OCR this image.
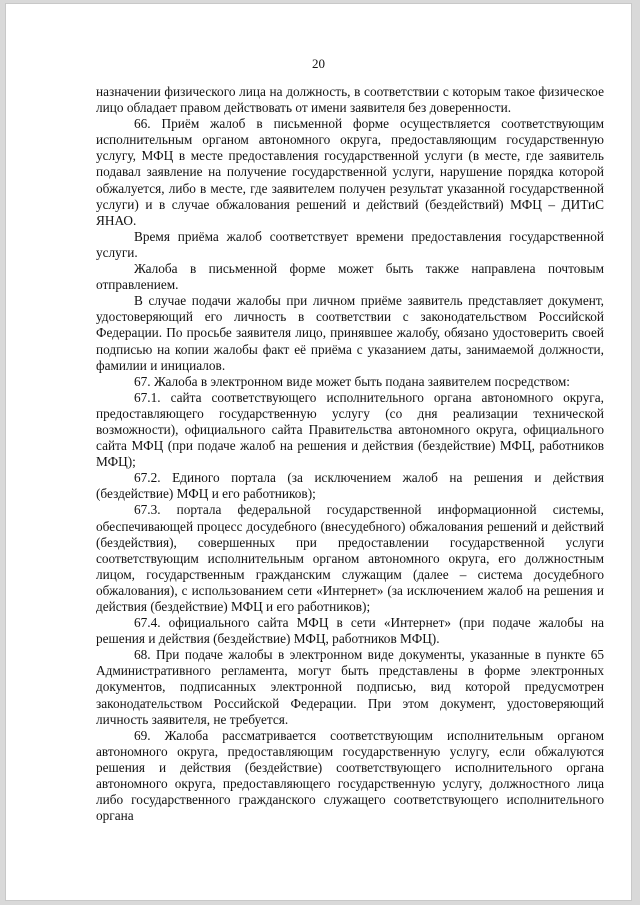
20

назначении физического лица на должность, в соответствии с которым такое физическое лицо обладает правом действовать от имени заявителя без доверенности.

66. Приём жалоб в письменной форме осуществляется соответствующим исполнительным органом автономного округа, предоставляющим государственную услугу, МФЦ в месте предоставления государственной услуги (в месте, где заявитель подавал заявление на получение государственной услуги, нарушение порядка которой обжалуется, либо в месте, где заявителем получен результат указанной государственной услуги) и в случае обжалования решений и действий (бездействий) МФЦ – ДИТиС ЯНАО.

Время приёма жалоб соответствует времени предоставления государственной услуги.

Жалоба в письменной форме может быть также направлена почтовым отправлением.

В случае подачи жалобы при личном приёме заявитель представляет документ, удостоверяющий его личность в соответствии с законодательством Российской Федерации. По просьбе заявителя лицо, принявшее жалобу, обязано удостоверить своей подписью на копии жалобы факт её приёма с указанием даты, занимаемой должности, фамилии и инициалов.

67. Жалоба в электронном виде может быть подана заявителем посредством:

67.1. сайта соответствующего исполнительного органа автономного округа, предоставляющего государственную услугу (со дня реализации технической возможности), официального сайта Правительства автономного округа, официального сайта МФЦ (при подаче жалоб на решения и действия (бездействие) МФЦ, работников МФЦ);

67.2. Единого портала (за исключением жалоб на решения и действия (бездействие) МФЦ и его работников);

67.3. портала федеральной государственной информационной системы, обеспечивающей процесс досудебного (внесудебного) обжалования решений и действий (бездействия), совершенных при предоставлении государственной услуги соответствующим исполнительным органом автономного округа, его должностным лицом, государственным гражданским служащим (далее – система досудебного обжалования), с использованием сети «Интернет» (за исключением жалоб на решения и действия (бездействие) МФЦ и его работников);

67.4. официального сайта МФЦ в сети «Интернет» (при подаче жалобы на решения и действия (бездействие) МФЦ, работников МФЦ).

68. При подаче жалобы в электронном виде документы, указанные в пункте 65 Административного регламента, могут быть представлены в форме электронных документов, подписанных электронной подписью, вид которой предусмотрен законодательством Российской Федерации. При этом документ, удостоверяющий личность заявителя, не требуется.

69. Жалоба рассматривается соответствующим исполнительным органом автономного округа, предоставляющим государственную услугу, если обжалуются решения и действия (бездействие) соответствующего исполнительного органа автономного округа, предоставляющего государственную услугу, должностного лица либо государственного гражданского служащего соответствующего исполнительного органа
